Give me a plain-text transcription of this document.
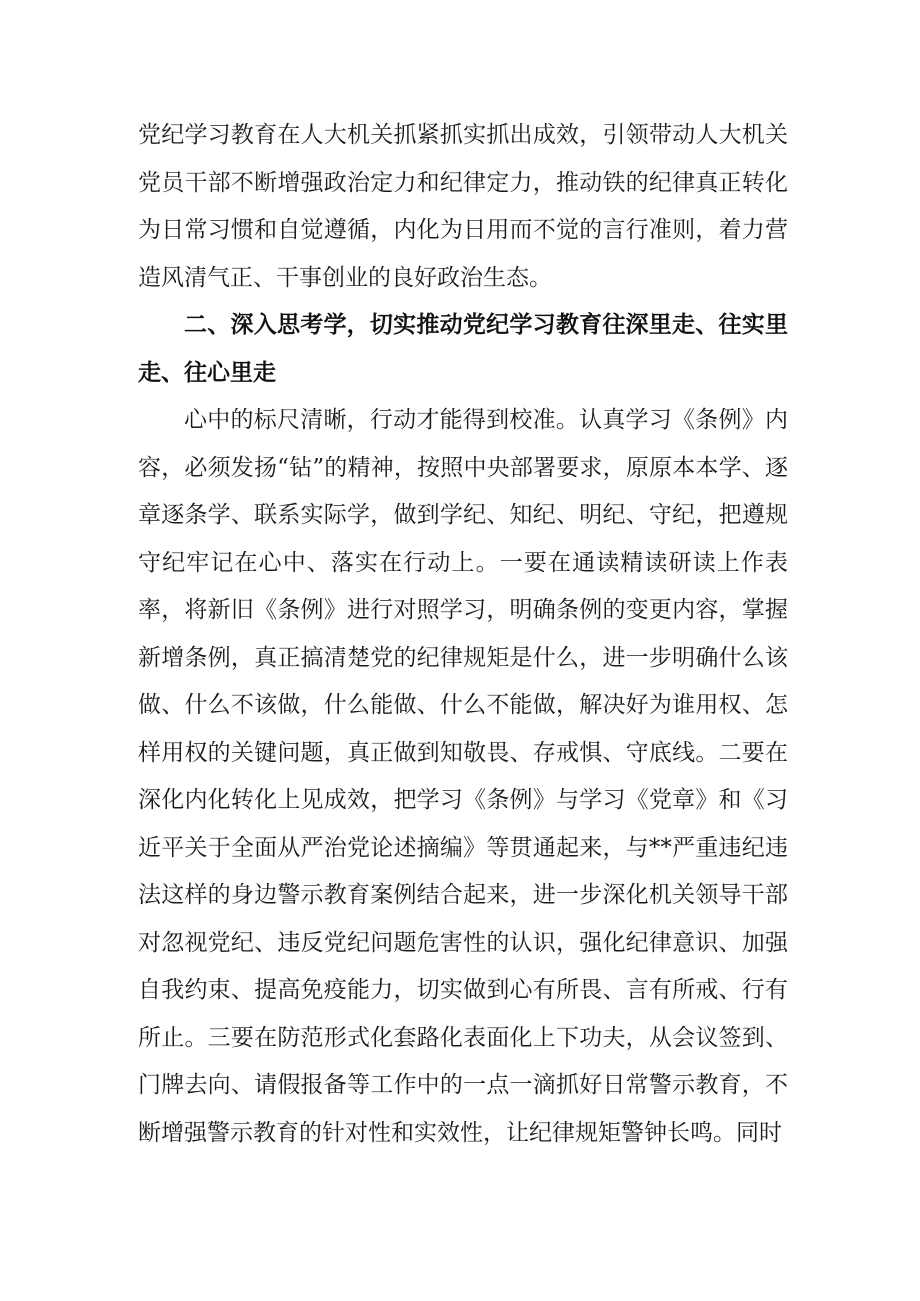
党纪学习教育在人大机关抓紧抓实抓出成效，引领带动人大机关党员干部不断增强政治定力和纪律定力，推动铁的纪律真正转化为日常习惯和自觉遵循，内化为日用而不觉的言行准则，着力营造风清气正、干事创业的良好政治生态。

二、深入思考学，切实推动党纪学习教育往深里走、往实里走、往心里走

心中的标尺清晰，行动才能得到校准。认真学习《条例》内容，必须发扬“钻”的精神，按照中央部署要求，原原本本学、逐章逐条学、联系实际学，做到学纪、知纪、明纪、守纪，把遵规守纪牢记在心中、落实在行动上。一要在通读精读研读上作表率，将新旧《条例》进行对照学习，明确条例的变更内容，掌握新增条例，真正搞清楚党的纪律规矩是什么，进一步明确什么该做、什么不该做，什么能做、什么不能做，解决好为谁用权、怎样用权的关键问题，真正做到知敬畏、存戒惧、守底线。二要在深化内化转化上见成效，把学习《条例》与学习《党章》和《习近平关于全面从严治党论述摘编》等贯通起来，与**严重违纪违法这样的身边警示教育案例结合起来，进一步深化机关领导干部对忽视党纪、违反党纪问题危害性的认识，强化纪律意识、加强自我约束、提高免疫能力，切实做到心有所畏、言有所戒、行有所止。三要在防范形式化套路化表面化上下功夫，从会议签到、门牌去向、请假报备等工作中的一点一滴抓好日常警示教育，不断增强警示教育的针对性和实效性，让纪律规矩警钟长鸣。同时
